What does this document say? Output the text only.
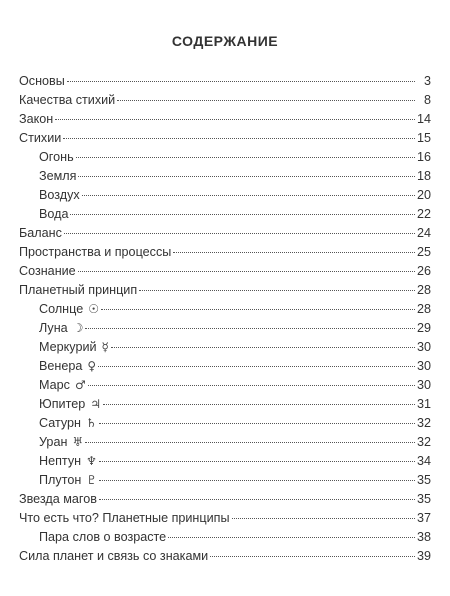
СОДЕРЖАНИЕ
Основы	3
Качества стихий	8
Закон	14
Стихии	15
Огонь	16
Земля	18
Воздух	20
Вода	22
Баланс	24
Пространства и процессы	25
Сознание	26
Планетный принцип	28
Солнце ☉	28
Луна ☽	29
Меркурий ☿	30
Венера ♀	30
Марс ♂	30
Юпитер ♃	31
Сатурн ♄	32
Уран ♅	32
Нептун ♆	34
Плутон ♇	35
Звезда магов	35
Что есть что? Планетные принципы	37
Пара слов о возрасте	38
Сила планет и связь со знаками	39
